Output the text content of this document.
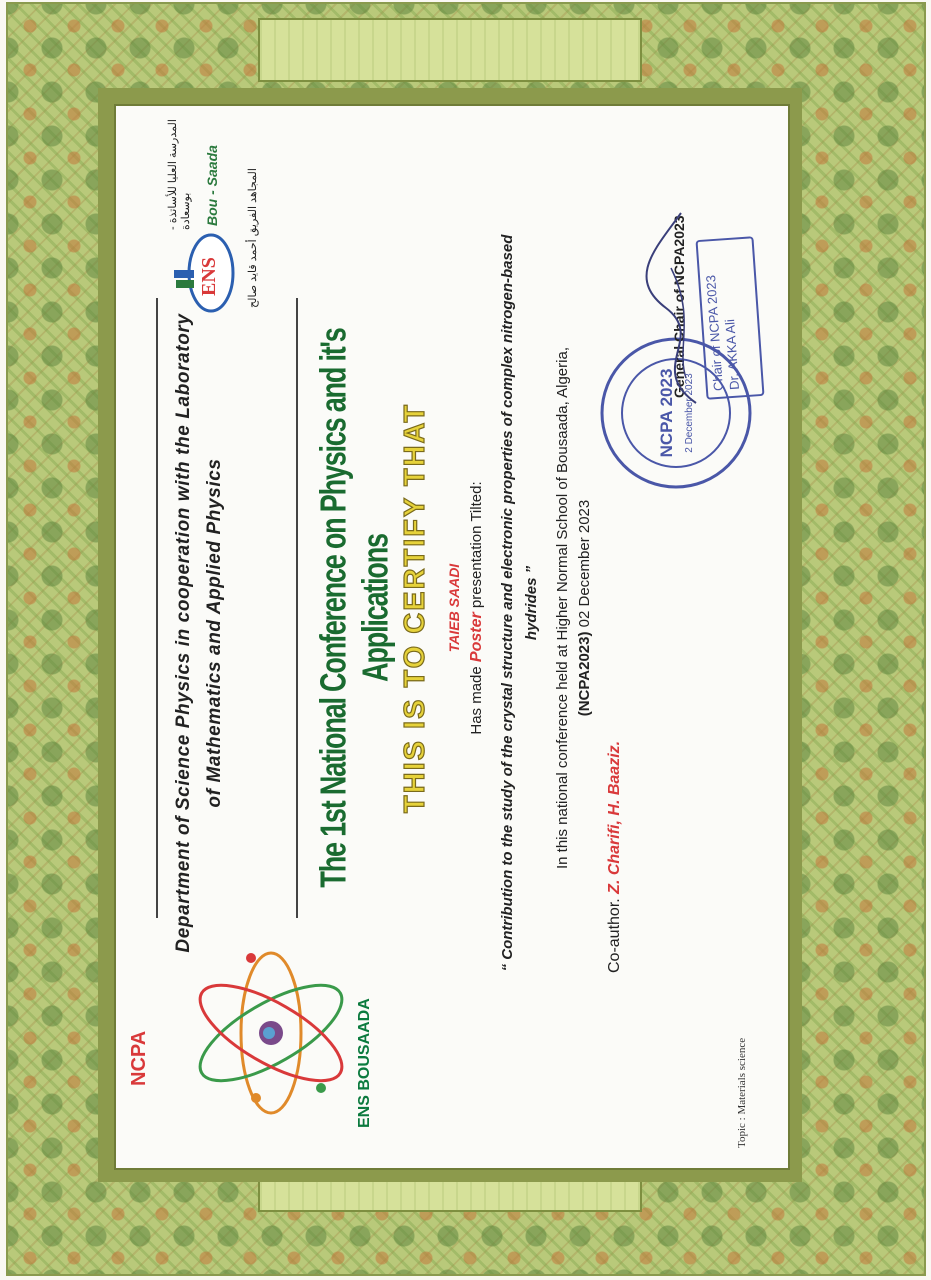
NCPA	ENS BOUSAADA
Department of Science Physics in cooperation with the Laboratory of Mathematics and Applied Physics
ENS
Bou - Saada
المدرسة العليا للأساتذة - بوسعادة	المجاهد الفريق أحمد قايد صالح
The 1st National Conference on Physics and it's Applications THIS IS TO CERTIFY THAT TAIEB SAADI
Has made Poster presentation Tilted: “ Contribution to the study of the crystal structure and electronic properties of complex nitrogen-based hydrides ” In this national conference held at Higher Normal School of Bousaada, Algeria, (NCPA2023) 02 December 2023
Co-author. Z. Charifi, H. Baaziz.
NCPA 2023 2 December 2023
Chair of NCPA 2023
Dr. AKKA Ali
General Chair of NCPA2023
Topic : Materials science
